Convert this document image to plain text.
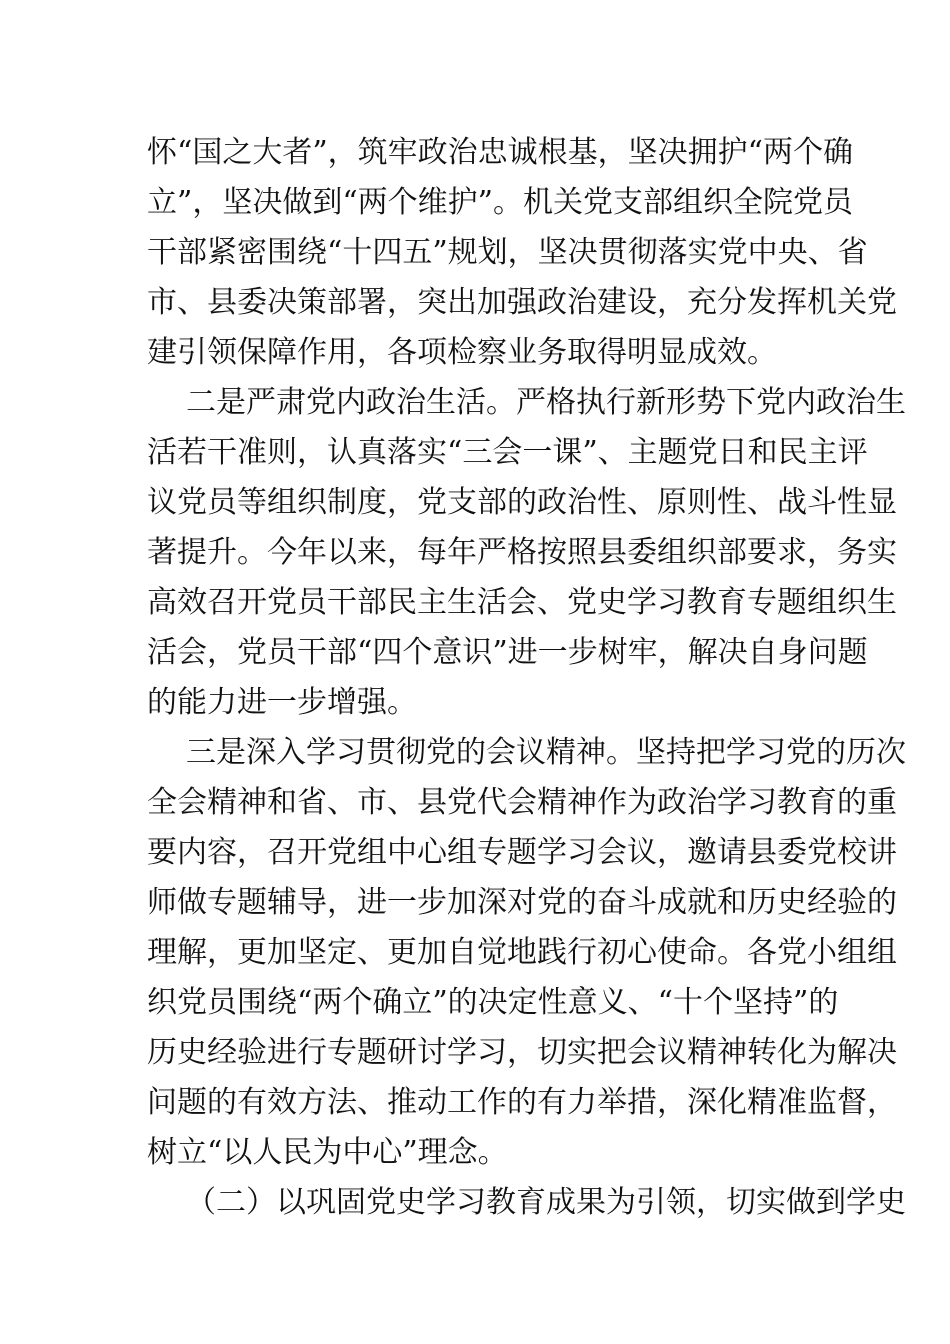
怀“国之大者”，筑牢政治忠诚根基，坚决拥护“两个确

立”，坚决做到“两个维护”。机关党支部组织全院党员

干部紧密围绕“十四五”规划，坚决贯彻落实党中央、省

市、县委决策部署，突出加强政治建设，充分发挥机关党

建引领保障作用，各项检察业务取得明显成效。

二是严肃党内政治生活。严格执行新形势下党内政治生

活若干准则，认真落实“三会一课”、主题党日和民主评

议党员等组织制度，党支部的政治性、原则性、战斗性显

著提升。今年以来，每年严格按照县委组织部要求，务实

高效召开党员干部民主生活会、党史学习教育专题组织生

活会，党员干部“四个意识”进一步树牢，解决自身问题

的能力进一步增强。

三是深入学习贯彻党的会议精神。坚持把学习党的历次

全会精神和省、市、县党代会精神作为政治学习教育的重

要内容，召开党组中心组专题学习会议，邀请县委党校讲

师做专题辅导，进一步加深对党的奋斗成就和历史经验的

理解，更加坚定、更加自觉地践行初心使命。各党小组组

织党员围绕“两个确立”的决定性意义、“十个坚持”的

历史经验进行专题研讨学习，切实把会议精神转化为解决

问题的有效方法、推动工作的有力举措，深化精准监督，

树立“以人民为中心”理念。

（二）以巩固党史学习教育成果为引领，切实做到学史
